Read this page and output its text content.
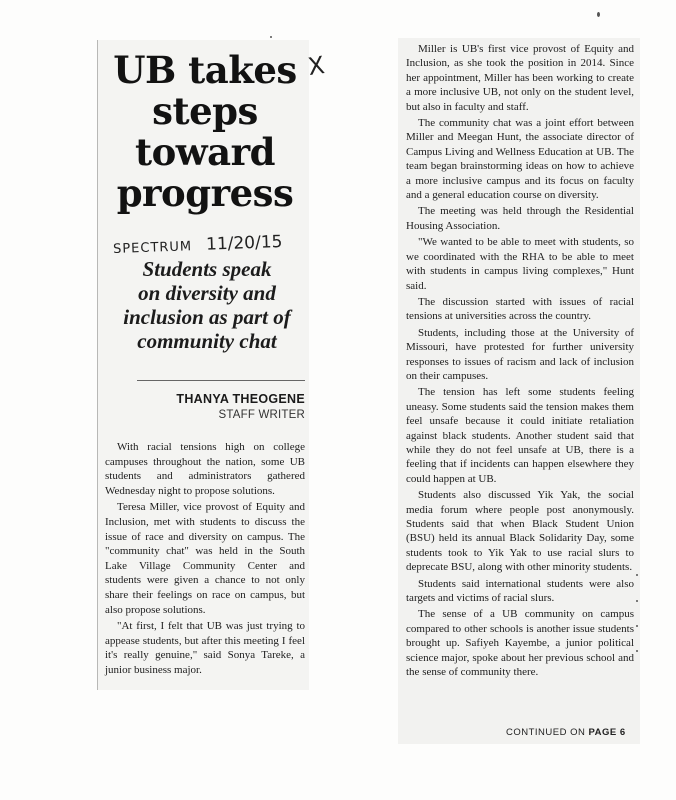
UB takes
steps
toward
progress
X
SPECTRUM 11/20/15
Students speak
on diversity and
inclusion as part of
community chat
THANYA THEOGENE
STAFF WRITER

With racial tensions high on college campuses throughout the nation, some UB students and administrators gathered Wednesday night to propose solutions.

Teresa Miller, vice provost of Equity and Inclusion, met with students to discuss the issue of race and diversity on campus. The "community chat" was held in the South Lake Village Community Center and students were given a chance to not only share their feelings on race on campus, but also propose solutions.

"At first, I felt that UB was just trying to appease students, but after this meeting I feel it's really genuine," said Sonya Tareke, a junior business major.

Miller is UB's first vice provost of Equity and Inclusion, as she took the position in 2014. Since her appointment, Miller has been working to create a more inclusive UB, not only on the student level, but also in faculty and staff.

The community chat was a joint effort between Miller and Meegan Hunt, the associate director of Campus Living and Wellness Education at UB. The team began brainstorming ideas on how to achieve a more inclusive campus and its focus on faculty and a general education course on diversity.

The meeting was held through the Residential Housing Association.

"We wanted to be able to meet with students, so we coordinated with the RHA to be able to meet with students in campus living complexes," Hunt said.

The discussion started with issues of racial tensions at universities across the country.

Students, including those at the University of Missouri, have protested for further university responses to issues of racism and lack of inclusion on their campuses.

The tension has left some students feeling uneasy. Some students said the tension makes them feel unsafe because it could initiate retaliation against black students. Another student said that while they do not feel unsafe at UB, there is a feeling that if incidents can happen elsewhere they could happen at UB.

Students also discussed Yik Yak, the social media forum where people post anonymously. Students said that when Black Student Union (BSU) held its annual Black Solidarity Day, some students took to Yik Yak to use racial slurs to deprecate BSU, along with other minority students.

Students said international students were also targets and victims of racial slurs.

The sense of a UB community on campus compared to other schools is another issue students brought up. Safiyeh Kayembe, a junior political science major, spoke about her previous school and the sense of community there.

CONTINUED ON PAGE 6
